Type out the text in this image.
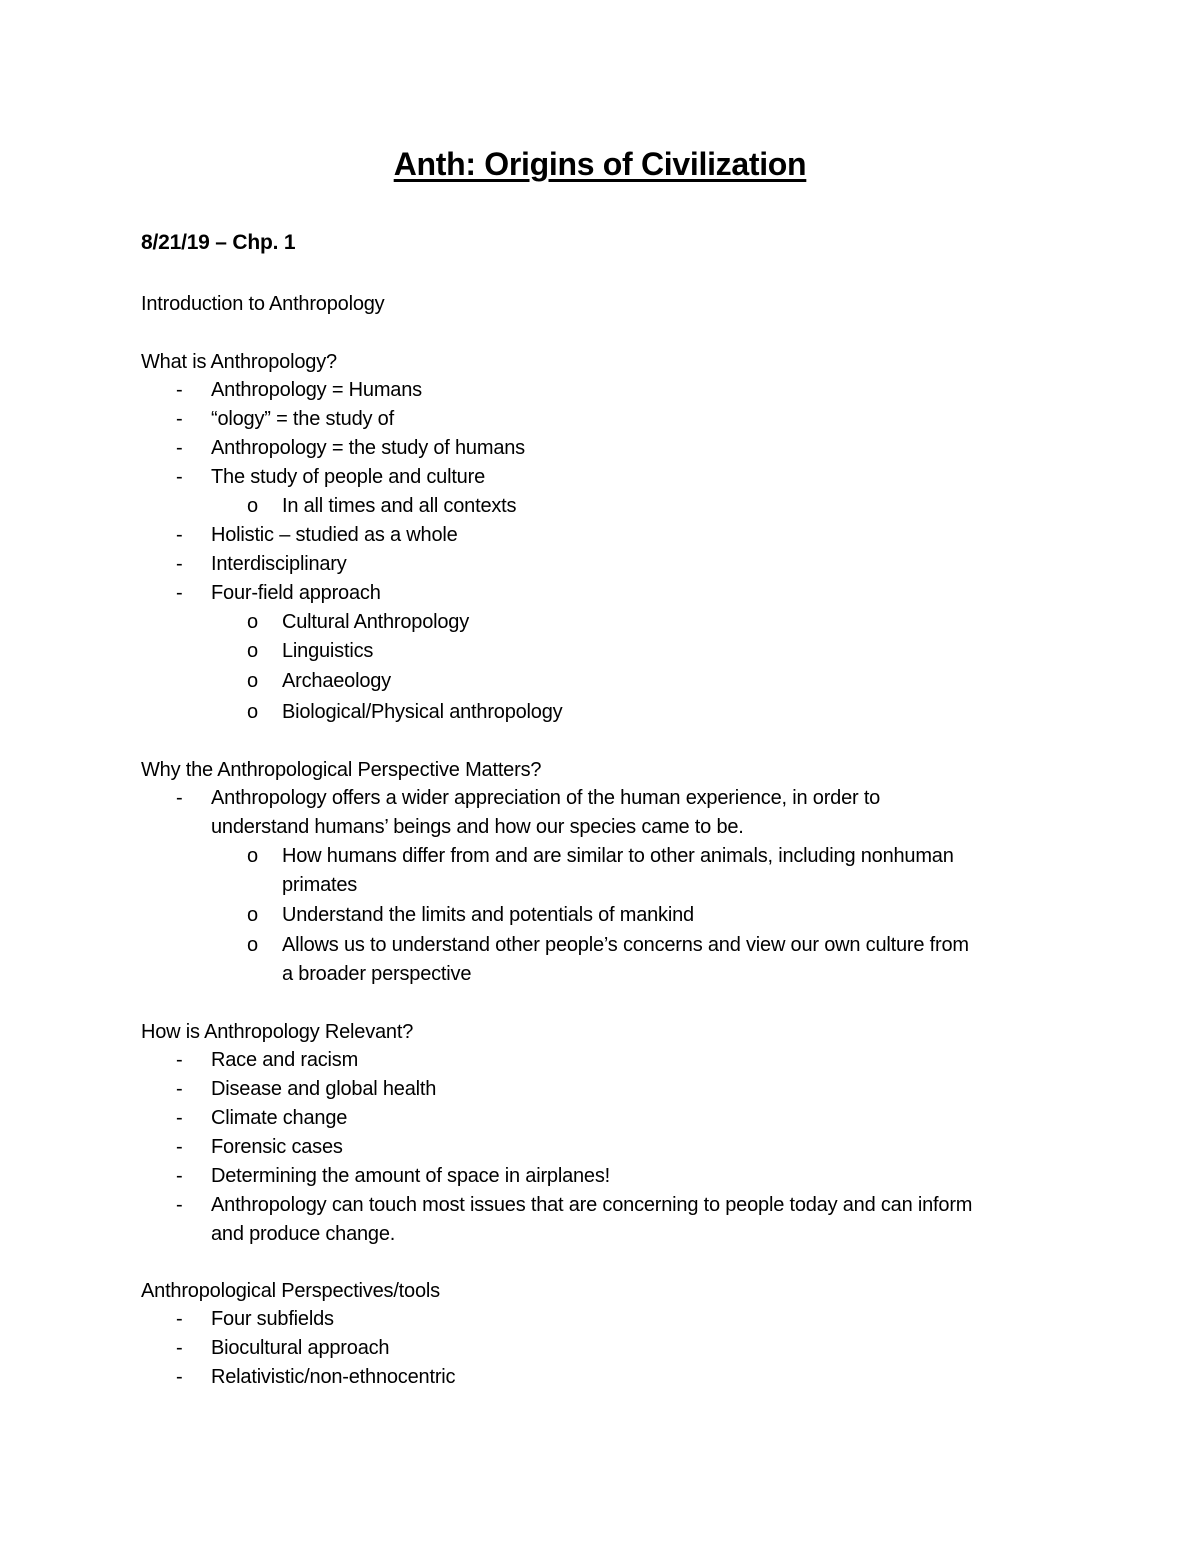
Anth: Origins of Civilization
8/21/19 – Chp. 1
Introduction to Anthropology
What is Anthropology?
- Anthropology = Humans
- “ology” = the study of
- Anthropology = the study of humans
- The study of people and culture
o In all times and all contexts
- Holistic – studied as a whole
- Interdisciplinary
- Four-field approach
o Cultural Anthropology
o Linguistics
o Archaeology
o Biological/Physical anthropology
Why the Anthropological Perspective Matters?
- Anthropology offers a wider appreciation of the human experience, in order to
understand humans’ beings and how our species came to be.
o How humans differ from and are similar to other animals, including nonhuman
primates
o Understand the limits and potentials of mankind
o Allows us to understand other people’s concerns and view our own culture from
a broader perspective
How is Anthropology Relevant?
- Race and racism
- Disease and global health
- Climate change
- Forensic cases
- Determining the amount of space in airplanes!
- Anthropology can touch most issues that are concerning to people today and can inform
and produce change.
Anthropological Perspectives/tools
- Four subfields
- Biocultural approach
- Relativistic/non-ethnocentric
